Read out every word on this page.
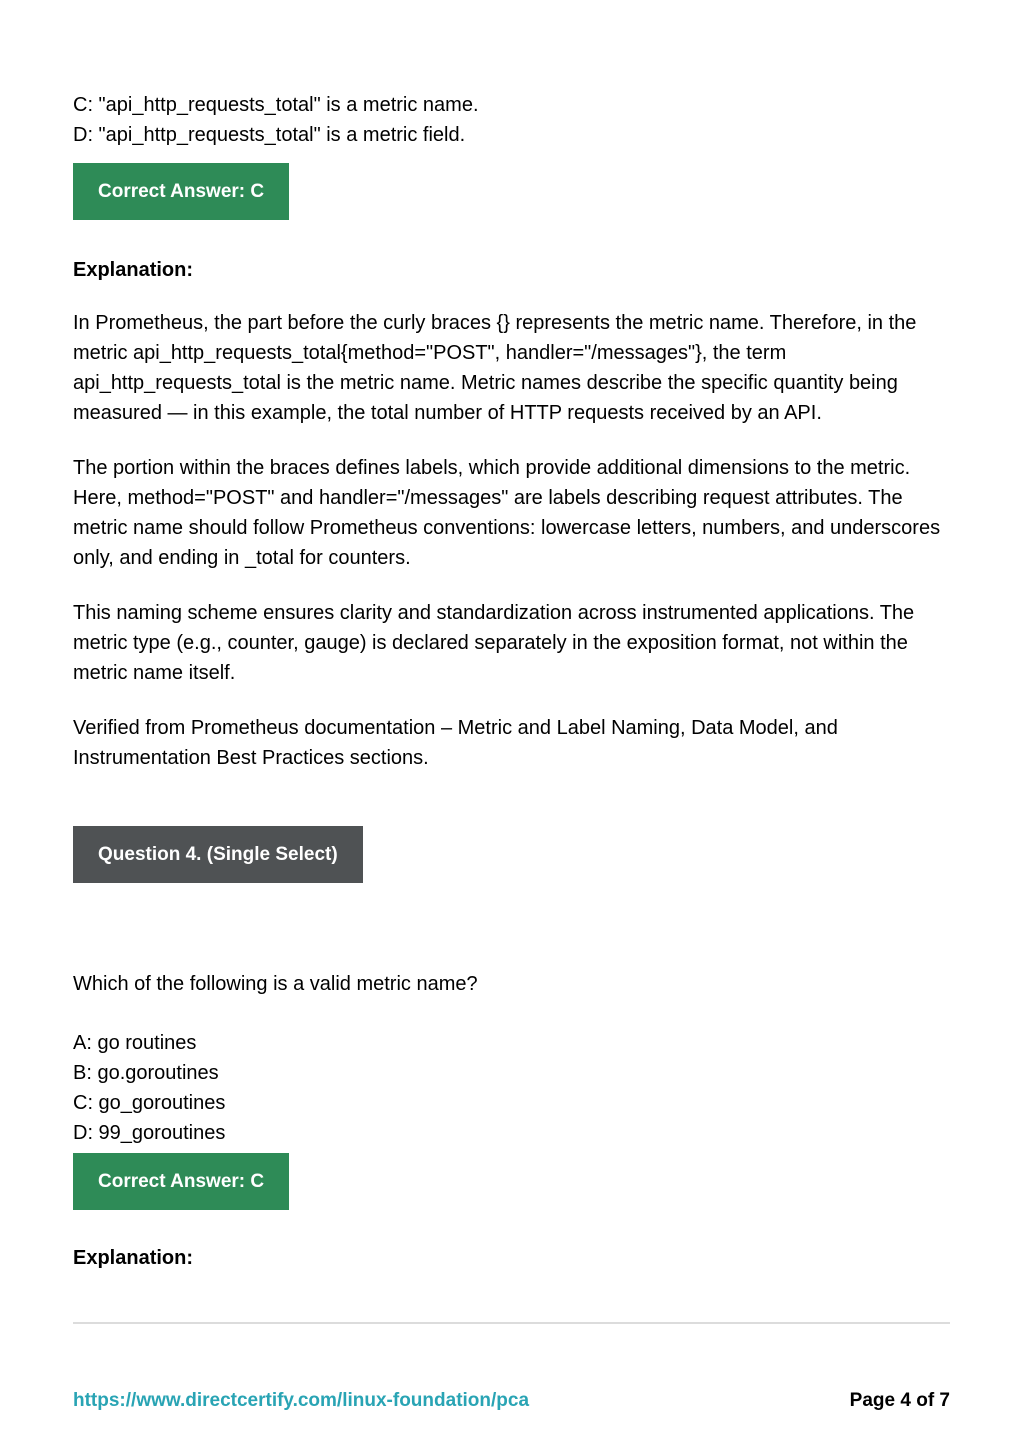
C: "api_http_requests_total" is a metric name.
D: "api_http_requests_total" is a metric field.
Correct Answer: C
Explanation:

In Prometheus, the part before the curly braces {} represents the metric name. Therefore, in the metric api_http_requests_total{method="POST", handler="/messages"}, the term api_http_requests_total is the metric name. Metric names describe the specific quantity being measured — in this example, the total number of HTTP requests received by an API.

The portion within the braces defines labels, which provide additional dimensions to the metric. Here, method="POST" and handler="/messages" are labels describing request attributes. The metric name should follow Prometheus conventions: lowercase letters, numbers, and underscores only, and ending in _total for counters.

This naming scheme ensures clarity and standardization across instrumented applications. The metric type (e.g., counter, gauge) is declared separately in the exposition format, not within the metric name itself.

Verified from Prometheus documentation – Metric and Label Naming, Data Model, and Instrumentation Best Practices sections.

Question 4. (Single Select)

Which of the following is a valid metric name?

A: go routines
B: go.goroutines
C: go_goroutines
D: 99_goroutines
Correct Answer: C
Explanation:
https://www.directcertify.com/linux-foundation/pca	Page 4 of 7
